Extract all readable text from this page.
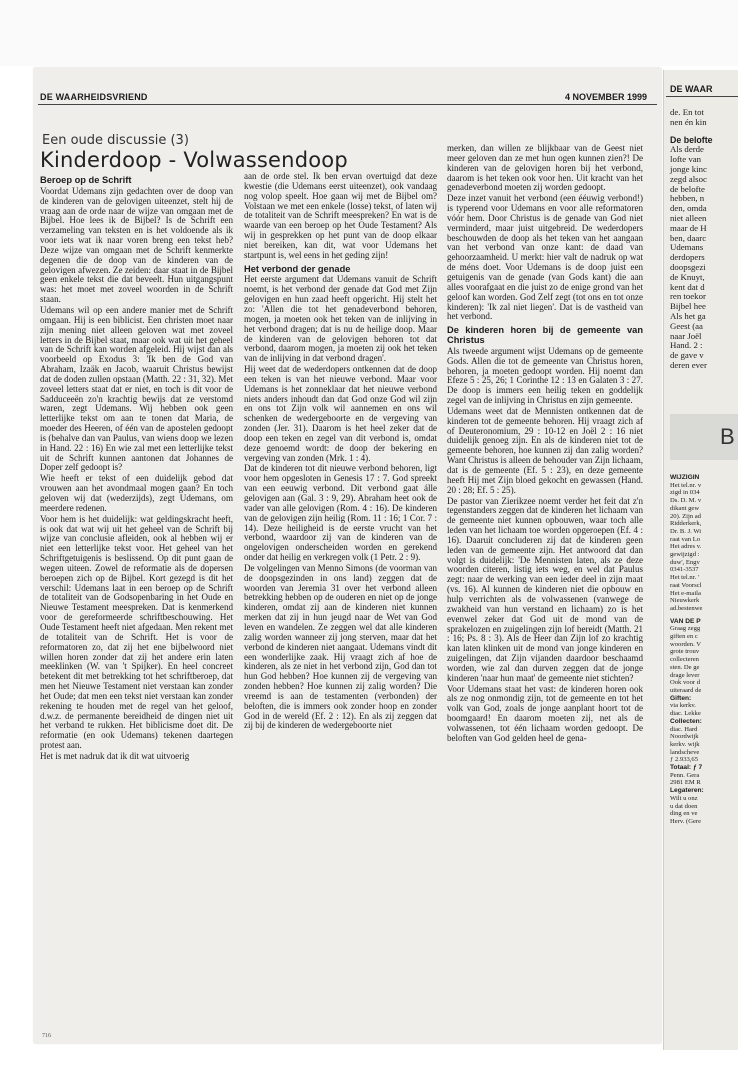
DE WAARHEIDSVRIEND	4 NOVEMBER 1999
Een oude discussie (3)
Kinderdoop - Volwassendoop
Beroep op de Schrift

Voordat Udemans zijn gedachten over de doop van de kinderen van de gelovigen uiteenzet, stelt hij de vraag aan de orde naar de wijze van omgaan met de Bijbel. Hoe lees ik de Bijbel? Is de Schrift een verzameling van teksten en is het voldoende als ik voor iets wat ik naar voren breng een tekst heb? Deze wijze van omgaan met de Schrift kenmerkte degenen die de doop van de kinderen van de gelovigen afwezen. Ze zeiden: daar staat in de Bijbel geen enkele tekst die dat beveelt. Hun uitgangspunt was: het moet met zoveel woorden in de Schrift staan.

Udemans wil op een andere manier met de Schrift omgaan. Hij is een biblicist. Een christen moet naar zijn mening niet alleen geloven wat met zoveel letters in de Bijbel staat, maar ook wat uit het geheel van de Schrift kan worden afgeleid. Hij wijst dan als voorbeeld op Exodus 3: 'Ik ben de God van Abraham, Izaäk en Jacob, waaruit Christus bewijst dat de doden zullen opstaan (Matth. 22 : 31, 32). Met zoveel letters staat dat er niet, en toch is dit voor de Sadduceeën zo'n krachtig bewijs dat ze verstomd waren, zegt Udemans. Wij hebben ook geen letterlijke tekst om aan te tonen dat Maria, de moeder des Heeren, of één van de apostelen gedoopt is (behalve dan van Paulus, van wiens doop we lezen in Hand. 22 : 16) En wie zal met een letterlijke tekst uit de Schrift kunnen aantonen dat Johannes de Doper zelf gedoopt is?

Wie heeft er tekst of een duidelijk gebod dat vrouwen aan het avondmaal mogen gaan? En toch geloven wij dat (wederzijds), zegt Udemans, om meerdere redenen.

Voor hem is het duidelijk: wat geldingskracht heeft, is ook dat wat wij uit het geheel van de Schrift bij wijze van conclusie afleiden, ook al hebben wij er niet een letterlijke tekst voor. Het geheel van het Schriftgetuigenis is beslissend. Op dit punt gaan de wegen uiteen. Zowel de reformatie als de dopersen beroepen zich op de Bijbel. Kort gezegd is dit het verschil: Udemans laat in een beroep op de Schrift de totaliteit van de Godsopenbaring in het Oude en Nieuwe Testament meespreken. Dat is kenmerkend voor de gereformeerde schriftbeschouwing. Het Oude Testament heeft niet afgedaan. Men rekent met de totaliteit van de Schrift. Het is voor de reformatoren zo, dat zij het ene bijbelwoord niet willen horen zonder dat zij het andere erin laten meeklinken (W. van 't Spijker). En heel concreet betekent dit met betrekking tot het schriftberoep, dat men het Nieuwe Testament niet verstaan kan zonder het Oude; dat men een tekst niet verstaan kan zonder rekening te houden met de regel van het geloof, d.w.z. de permanente bereidheid de dingen niet uit het verband te rukken. Het biblicisme doet dit. De reformatie (en ook Udemans) tekenen daartegen protest aan.

Het is met nadruk dat ik dit wat uitvoerig

aan de orde stel. Ik ben ervan overtuigd dat deze kwestie (die Udemans eerst uiteenzet), ook vandaag nog volop speelt. Hoe gaan wij met de Bijbel om? Volstaan we met een enkele (losse) tekst, of laten wij de totaliteit van de Schrift meespreken? En wat is de waarde van een beroep op het Oude Testament? Als wij in gesprekken op het punt van de doop elkaar niet bereiken, kan dit, wat voor Udemans het startpunt is, wel eens in het geding zijn!

Het verbond der genade

Het eerste argument dat Udemans vanuit de Schrift noemt, is het verbond der genade dat God met Zijn gelovigen en hun zaad heeft opgericht. Hij stelt het zo: 'Allen die tot het genadeverbond behoren, mogen, ja moeten ook het teken van de inlijving in het verbond dragen; dat is nu de heilige doop. Maar de kinderen van de gelovigen behoren tot dat verbond, daarom mogen, ja moeten zij ook het teken van de inlijving in dat verbond dragen'.

Hij weet dat de wederdopers ontkennen dat de doop een teken is van het nieuwe verbond. Maar voor Udemans is het zonneklaar dat het nieuwe verbond niets anders inhoudt dan dat God onze God wil zijn en ons tot Zijn volk wil aannemen en ons wil schenken de wedergeboorte en de vergeving van zonden (Jer. 31). Daarom is het heel zeker dat de doop een teken en zegel van dit verbond is, omdat deze genoemd wordt: de doop der bekering en vergeving van zonden (Mrk. 1 : 4).

Dat de kinderen tot dit nieuwe verbond behoren, ligt voor hem opgesloten in Genesis 17 : 7. God spreekt van een eeuwig verbond. Dit verbond gaat álle gelovigen aan (Gal. 3 : 9, 29). Abraham heet ook de vader van alle gelovigen (Rom. 4 : 16). De kinderen van de gelovigen zijn heilig (Rom. 11 : 16; 1 Cor. 7 : 14). Deze heiligheid is de eerste vrucht van het verbond, waardoor zij van de kinderen van de ongelovigen onderscheiden worden en gerekend onder dat heilig en verkregen volk (1 Petr. 2 : 9).

De volgelingen van Menno Simons (de voorman van de doopsgezinden in ons land) zeggen dat de woorden van Jeremia 31 over het verbond alleen betrekking hebben op de ouderen en niet op de jonge kinderen, omdat zij aan de kinderen niet kunnen merken dat zij in hun jeugd naar de Wet van God leven en wandelen. Ze zeggen wel dat alle kinderen zalig worden wanneer zij jong sterven, maar dat het verbond de kinderen niet aangaat. Udemans vindt dit een wonderlijke zaak. Hij vraagt zich af hoe de kinderen, als ze niet in het verbond zijn, God dan tot hun God hebben? Hoe kunnen zij de vergeving van zonden hebben? Hoe kunnen zij zalig worden? Die vreemd is aan de testamenten (verbonden) der beloften, die is immers ook zonder hoop en zonder God in de wereld (Ef. 2 : 12). En als zij zeggen dat zij bij de kinderen de wedergeboorte niet

merken, dan willen ze blijkbaar van de Geest niet meer geloven dan ze met hun ogen kunnen zien?! De kinderen van de gelovigen horen bij het verbond, daarom is het teken ook voor hen. Uit kracht van het genadeverbond moeten zij worden gedoopt.

Deze inzet vanuit het verbond (een ééuwig verbond!) is typerend voor Udemans en voor alle reformatoren vóór hem. Door Christus is de genade van God niet verminderd, maar juist uitgebreid. De wederdopers beschouwden de doop als het teken van het aangaan van het verbond van onze kant: de daad van gehoorzaamheid. U merkt: hier valt de nadruk op wat de méns doet. Voor Udemans is de doop juist een getuigenis van de genade (van Gods kant) die aan alles voorafgaat en die juist zo de enige grond van het geloof kan worden. God Zelf zegt (tot ons en tot onze kinderen): 'Ik zal niet liegen'. Dat is de vastheid van het verbond.

De kinderen horen bij de gemeente van Christus

Als tweede argument wijst Udemans op de gemeente Gods. Allen die tot de gemeente van Christus horen, behoren, ja moeten gedoopt worden. Hij noemt dan Efeze 5 : 25, 26; 1 Corinthe 12 : 13 en Galaten 3 : 27. De doop is immers een heilig teken en goddelijk zegel van de inlijving in Christus en zijn gemeente.

Udemans weet dat de Mennisten ontkennen dat de kinderen tot de gemeente behoren. Hij vraagt zich af of Deuteronomium, 29 : 10-12 en Joël 2 : 16 niet duidelijk genoeg zijn. En als de kinderen niet tot de gemeente behoren, hoe kunnen zij dan zalig worden? Want Christus is alleen de behouder van Zijn lichaam, dat is de gemeente (Ef. 5 : 23), en deze gemeente heeft Hij met Zijn bloed gekocht en gewassen (Hand. 20 : 28; Ef. 5 : 25).

De pastor van Zierikzee noemt verder het feit dat z'n tegenstanders zeggen dat de kinderen het lichaam van de gemeente niet kunnen opbouwen, waar toch alle leden van het lichaam toe worden opgeroepen (Ef. 4 : 16). Daaruit concluderen zij dat de kinderen geen leden van de gemeente zijn. Het antwoord dat dan volgt is duidelijk: 'De Mennisten laten, als ze deze woorden citeren, listig iets weg, en wel dat Paulus zegt: naar de werking van een ieder deel in zijn maat (vs. 16). Al kunnen de kinderen niet die opbouw en hulp verrichten als de volwassenen (vanwege de zwakheid van hun verstand en lichaam) zo is het evenwel zeker dat God uit de mond van de sprakelozen en zuigelingen zijn lof bereidt (Matth. 21 : 16; Ps. 8 : 3). Als de Heer dan Zijn lof zo krachtig kan laten klinken uit de mond van jonge kinderen en zuigelingen, dat Zijn vijanden daardoor beschaamd worden, wie zal dan durven zeggen dat de jonge kinderen 'naar hun maat' de gemeente niet stichten?

Voor Udemans staat het vast: de kinderen horen ook als ze nog onmondig zijn, tot de gemeente en tot het volk van God, zoals de jonge aanplant hoort tot de boomgaard! En daarom moeten zij, net als de volwassenen, tot één lichaam worden gedoopt. De beloften van God gelden heel de gena-

716
DE WAAR
de. En tot
nen én kin
De belofte
Als derde
lofte van
jonge kinc
zegd alsoc
de belofte
hebben, n
den, omda
niet alleen
maar de H
ben, daarc
Udemans
derdopers
doopsgezi
de Knuyt,
kent dat d
ren toekor
Bijbel hee
Als het ga
Geest (aa
naar Joël
Hand. 2 :
de gave v
deren ever
B
WIJZIGIN
Het tel.nr. v
zigd in 034
Ds. D. M. v
dikant gew
20). Zijn ad
Ridderkerk,
Dr. B. J. Wi
raat van Lo
Het adres v.
gewijzigd :
duw', Engv
0341-3537
Het tel.nr. '
raat Voorscl
Het e-maila
Nieuwkerk
ad.bestenwe
VAN DE P
Graag zegg
giften en c
woorden. V
grote trouv
collecteren
sten. De ge
drage lever
Ook voor d
uiteraard de
Giften:
via kerkv.
diac. Lekke
Collecten:
diac. Hard
Noordwijk
kerkv. wijk
landscheve
ƒ 2.933,65
Totaal: ƒ 7
Penn. Gera
2981 EM R
Legateren:
Wilt u onz
u dat doen
ding en ve
Herv. (Gere
